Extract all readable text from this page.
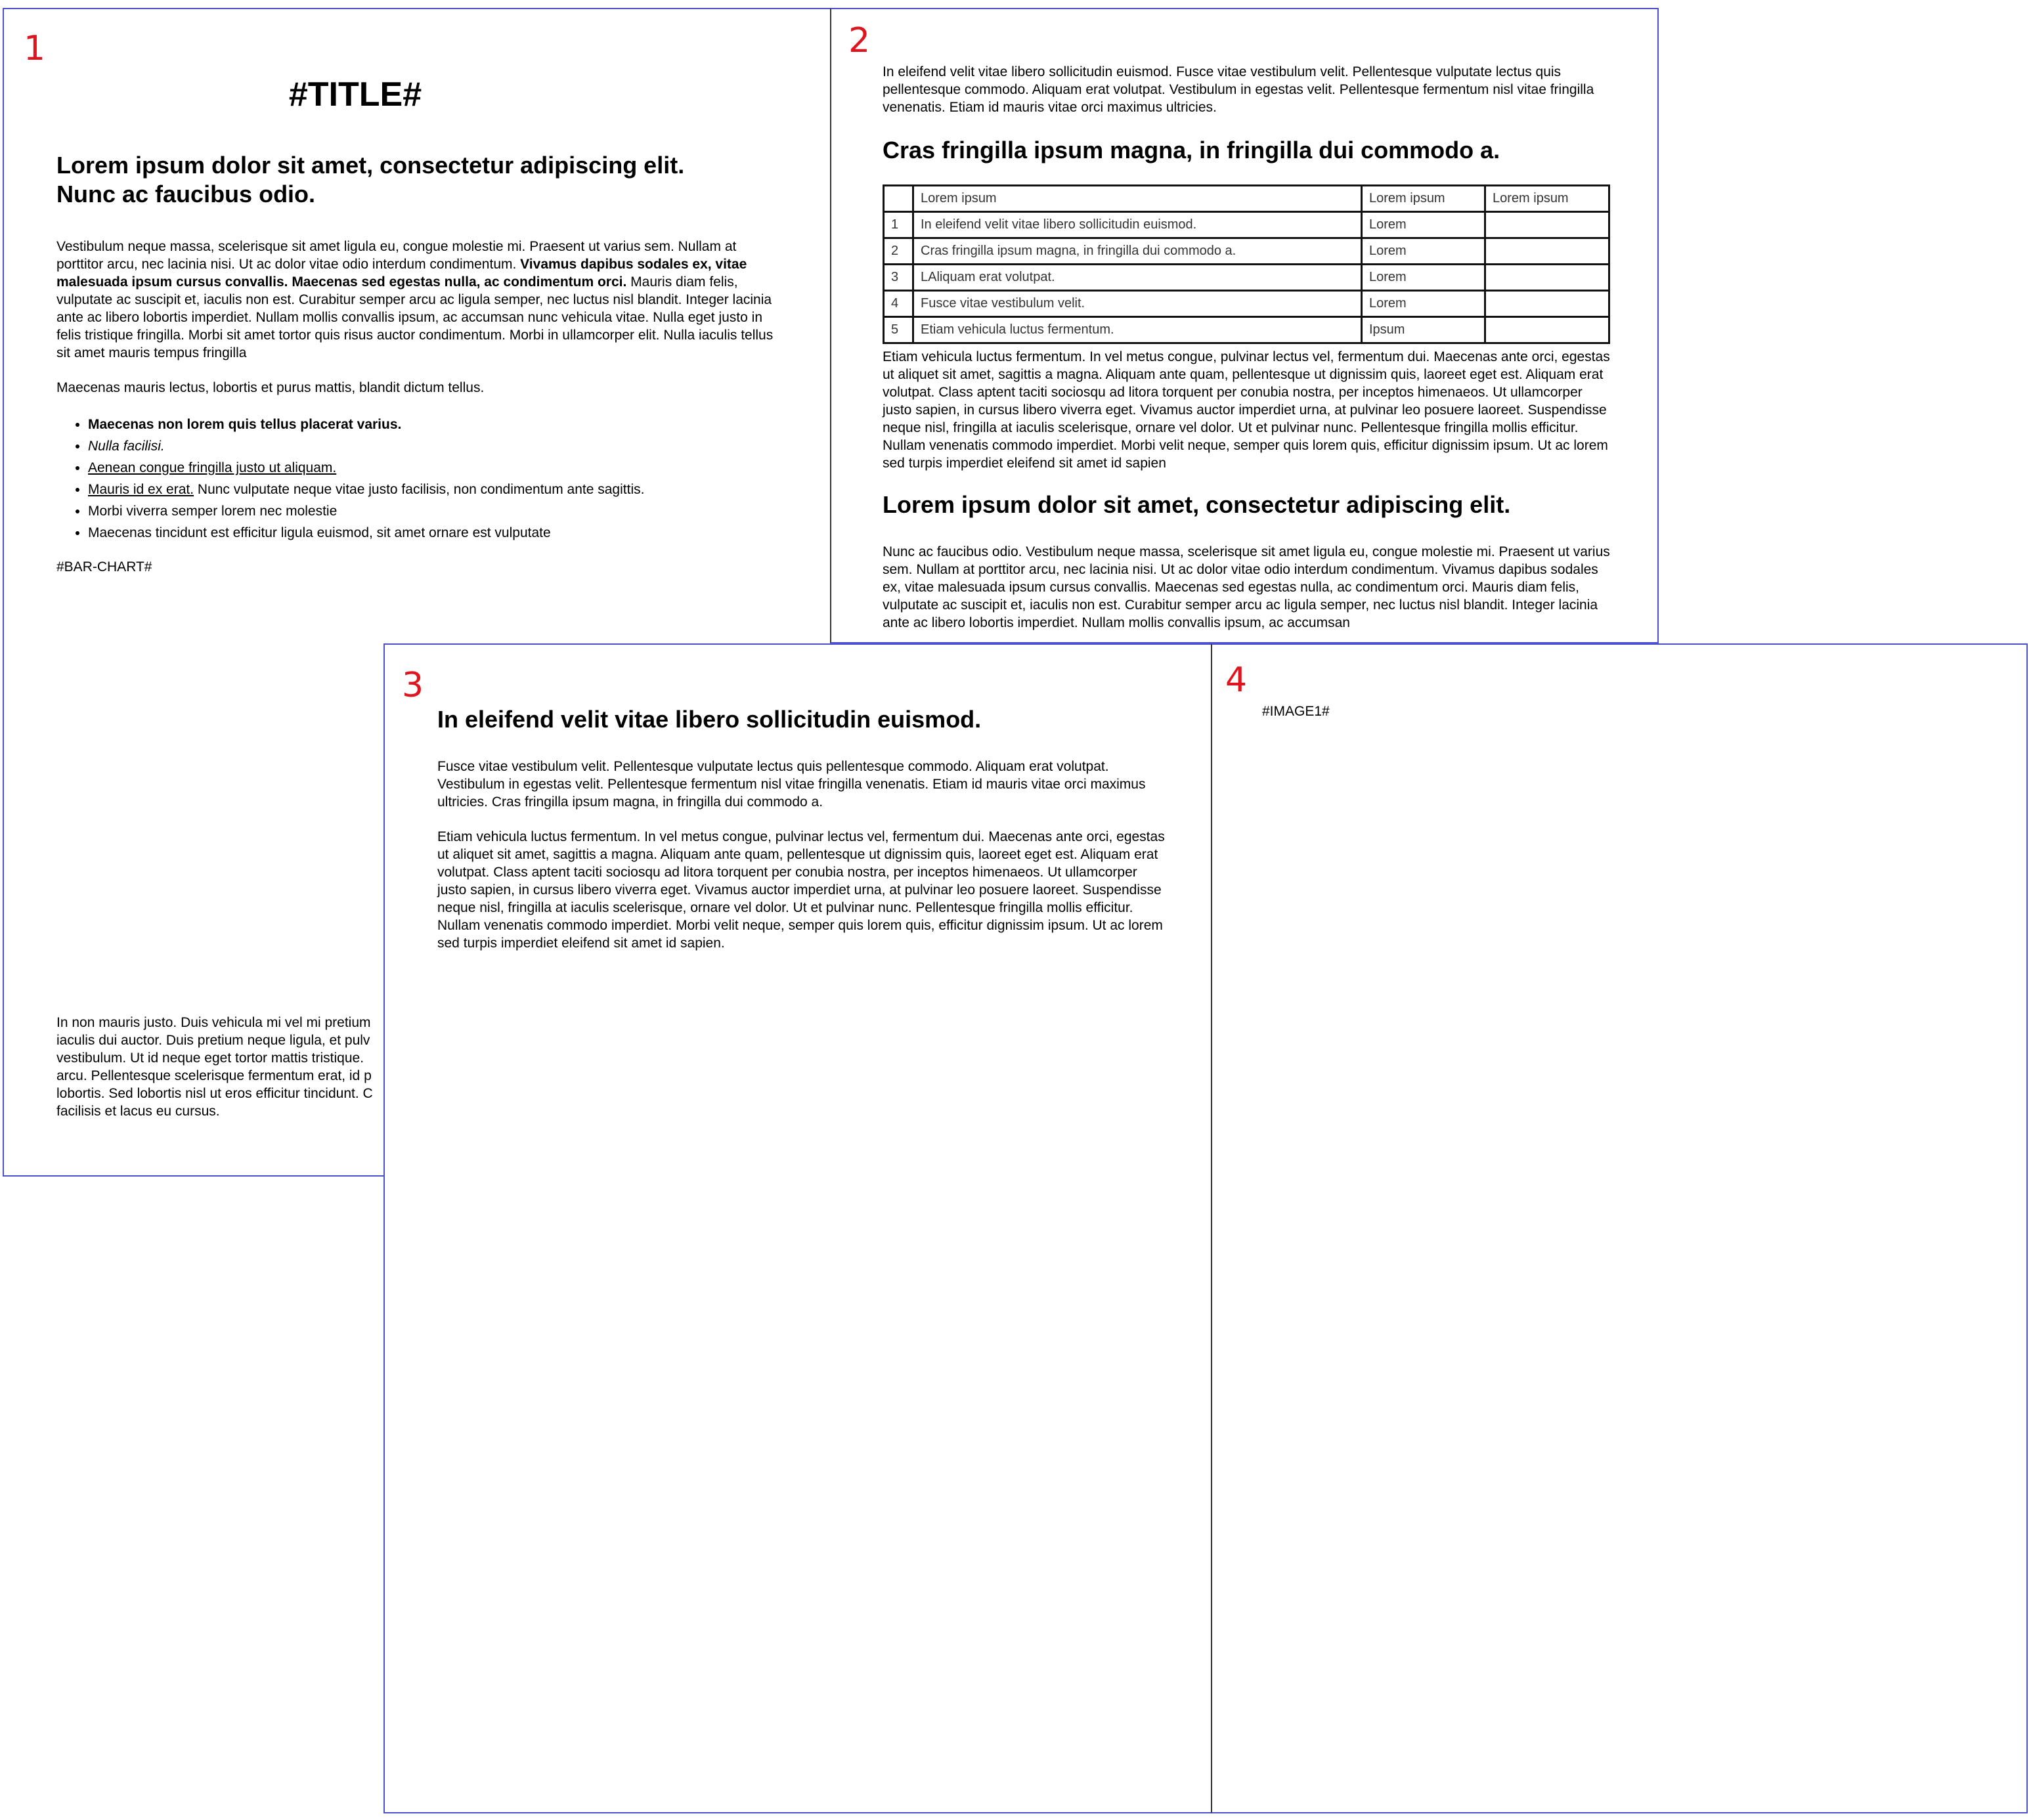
1
#TITLE#
Lorem ipsum dolor sit amet, consectetur adipiscing elit.
Nunc ac faucibus odio.

Vestibulum neque massa, scelerisque sit amet ligula eu, congue molestie mi. Praesent ut varius sem. Nullam at porttitor arcu, nec lacinia nisi. Ut ac dolor vitae odio interdum condimentum. Vivamus dapibus sodales ex, vitae malesuada ipsum cursus convallis. Maecenas sed egestas nulla, ac condimentum orci. Mauris diam felis, vulputate ac suscipit et, iaculis non est. Curabitur semper arcu ac ligula semper, nec luctus nisl blandit. Integer lacinia ante ac libero lobortis imperdiet. Nullam mollis convallis ipsum, ac accumsan nunc vehicula vitae. Nulla eget justo in felis tristique fringilla. Morbi sit amet tortor quis risus auctor condimentum. Morbi in ullamcorper elit. Nulla iaculis tellus sit amet mauris tempus fringilla

Maecenas mauris lectus, lobortis et purus mattis, blandit dictum tellus.

• Maecenas non lorem quis tellus placerat varius.
• Nulla facilisi.
• Aenean congue fringilla justo ut aliquam.
• Mauris id ex erat. Nunc vulputate neque vitae justo facilisis, non condimentum ante sagittis.
• Morbi viverra semper lorem nec molestie
• Maecenas tincidunt est efficitur ligula euismod, sit amet ornare est vulputate
#BAR-CHART#
In non mauris justo. Duis vehicula mi vel mi pretium
iaculis dui auctor. Duis pretium neque ligula, et pulv
vestibulum. Ut id neque eget tortor mattis tristique.
arcu. Pellentesque scelerisque fermentum erat, id p
lobortis. Sed lobortis nisl ut eros efficitur tincidunt. C
facilisis et lacus eu cursus.
2

In eleifend velit vitae libero sollicitudin euismod. Fusce vitae vestibulum velit. Pellentesque vulputate lectus quis pellentesque commodo. Aliquam erat volutpat. Vestibulum in egestas velit. Pellentesque fermentum nisl vitae fringilla venenatis. Etiam id mauris vitae orci maximus ultricies.

Cras fringilla ipsum magna, in fringilla dui commodo a.
	Lorem ipsum	Lorem ipsum	Lorem ipsum
1	In eleifend velit vitae libero sollicitudin euismod.	Lorem	
2	Cras fringilla ipsum magna, in fringilla dui commodo a.	Lorem	
3	LAliquam erat volutpat.	Lorem	
4	Fusce vitae vestibulum velit.	Lorem	
5	Etiam vehicula luctus fermentum.	Ipsum	

Etiam vehicula luctus fermentum. In vel metus congue, pulvinar lectus vel, fermentum dui. Maecenas ante orci, egestas ut aliquet sit amet, sagittis a magna. Aliquam ante quam, pellentesque ut dignissim quis, laoreet eget est. Aliquam erat volutpat. Class aptent taciti sociosqu ad litora torquent per conubia nostra, per inceptos himenaeos. Ut ullamcorper justo sapien, in cursus libero viverra eget. Vivamus auctor imperdiet urna, at pulvinar leo posuere laoreet. Suspendisse neque nisl, fringilla at iaculis scelerisque, ornare vel dolor. Ut et pulvinar nunc. Pellentesque fringilla mollis efficitur. Nullam venenatis commodo imperdiet. Morbi velit neque, semper quis lorem quis, efficitur dignissim ipsum. Ut ac lorem sed turpis imperdiet eleifend sit amet id sapien

Lorem ipsum dolor sit amet, consectetur adipiscing elit.

Nunc ac faucibus odio. Vestibulum neque massa, scelerisque sit amet ligula eu, congue molestie mi. Praesent ut varius sem. Nullam at porttitor arcu, nec lacinia nisi. Ut ac dolor vitae odio interdum condimentum. Vivamus dapibus sodales ex, vitae malesuada ipsum cursus convallis. Maecenas sed egestas nulla, ac condimentum orci. Mauris diam felis, vulputate ac suscipit et, iaculis non est. Curabitur semper arcu ac ligula semper, nec luctus nisl blandit. Integer lacinia ante ac libero lobortis imperdiet. Nullam mollis convallis ipsum, ac accumsan

3
In eleifend velit vitae libero sollicitudin euismod.

Fusce vitae vestibulum velit. Pellentesque vulputate lectus quis pellentesque commodo. Aliquam erat volutpat. Vestibulum in egestas velit. Pellentesque fermentum nisl vitae fringilla venenatis. Etiam id mauris vitae orci maximus ultricies. Cras fringilla ipsum magna, in fringilla dui commodo a.

Etiam vehicula luctus fermentum. In vel metus congue, pulvinar lectus vel, fermentum dui. Maecenas ante orci, egestas ut aliquet sit amet, sagittis a magna. Aliquam ante quam, pellentesque ut dignissim quis, laoreet eget est. Aliquam erat volutpat. Class aptent taciti sociosqu ad litora torquent per conubia nostra, per inceptos himenaeos. Ut ullamcorper justo sapien, in cursus libero viverra eget. Vivamus auctor imperdiet urna, at pulvinar leo posuere laoreet. Suspendisse neque nisl, fringilla at iaculis scelerisque, ornare vel dolor. Ut et pulvinar nunc. Pellentesque fringilla mollis efficitur. Nullam venenatis commodo imperdiet. Morbi velit neque, semper quis lorem quis, efficitur dignissim ipsum. Ut ac lorem sed turpis imperdiet eleifend sit amet id sapien.

4
#IMAGE1#
